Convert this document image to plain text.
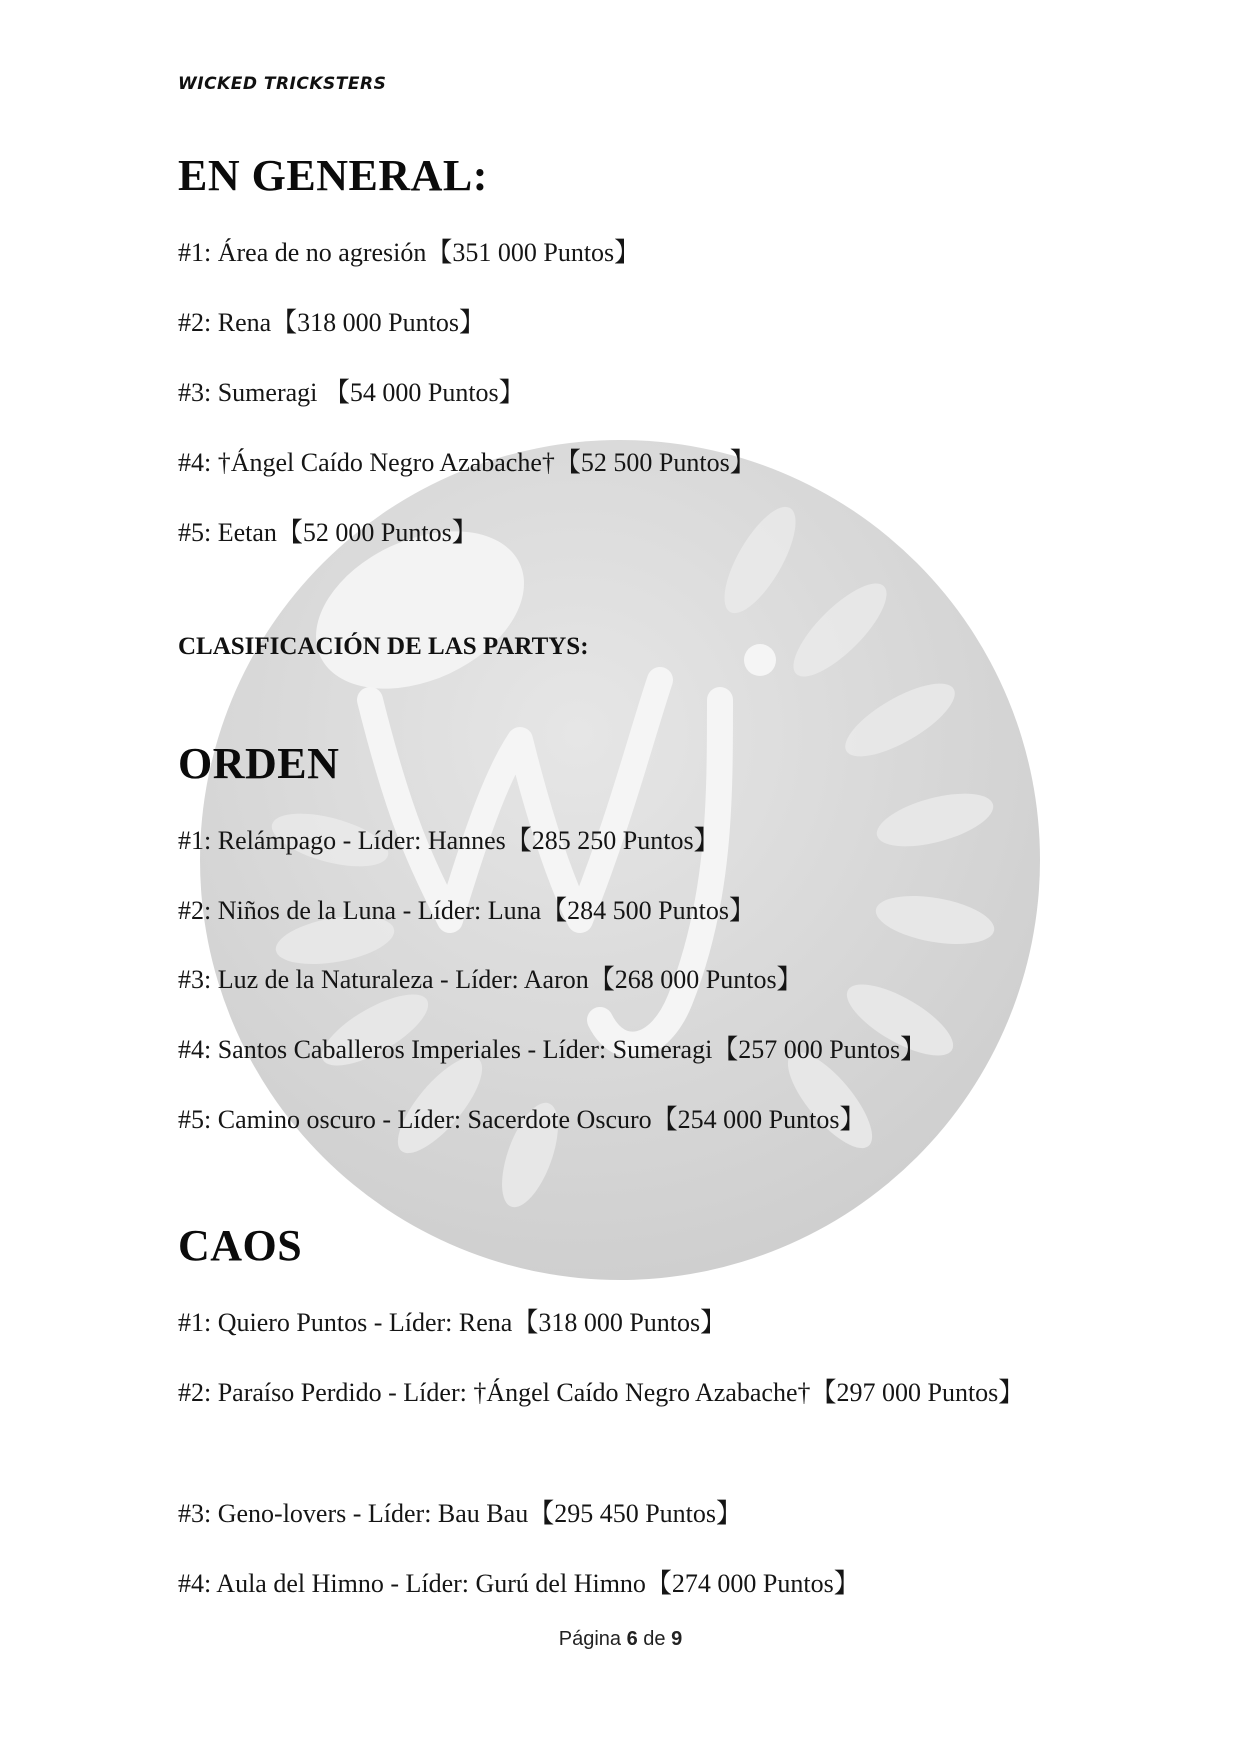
WICKED TRICKSTERS
EN GENERAL:
#1: Área de no agresión【351 000 Puntos】
#2: Rena【318 000 Puntos】
#3: Sumeragi 【54 000 Puntos】
#4: †Ángel Caído Negro Azabache†【52 500 Puntos】
#5: Eetan【52 000 Puntos】
CLASIFICACIÓN DE LAS PARTYS:
ORDEN
#1: Relámpago - Líder: Hannes【285 250 Puntos】
#2: Niños de la Luna - Líder: Luna【284 500 Puntos】
#3: Luz de la Naturaleza - Líder: Aaron【268 000 Puntos】
#4: Santos Caballeros Imperiales - Líder: Sumeragi【257 000 Puntos】
#5: Camino oscuro - Líder: Sacerdote Oscuro【254 000 Puntos】
CAOS
#1: Quiero Puntos - Líder: Rena【318 000 Puntos】
#2: Paraíso Perdido - Líder: †Ángel Caído Negro Azabache†【297 000 Puntos】
#3: Geno-lovers - Líder: Bau Bau【295 450 Puntos】
#4: Aula del Himno - Líder: Gurú del Himno【274 000 Puntos】
Página 6 de 9
